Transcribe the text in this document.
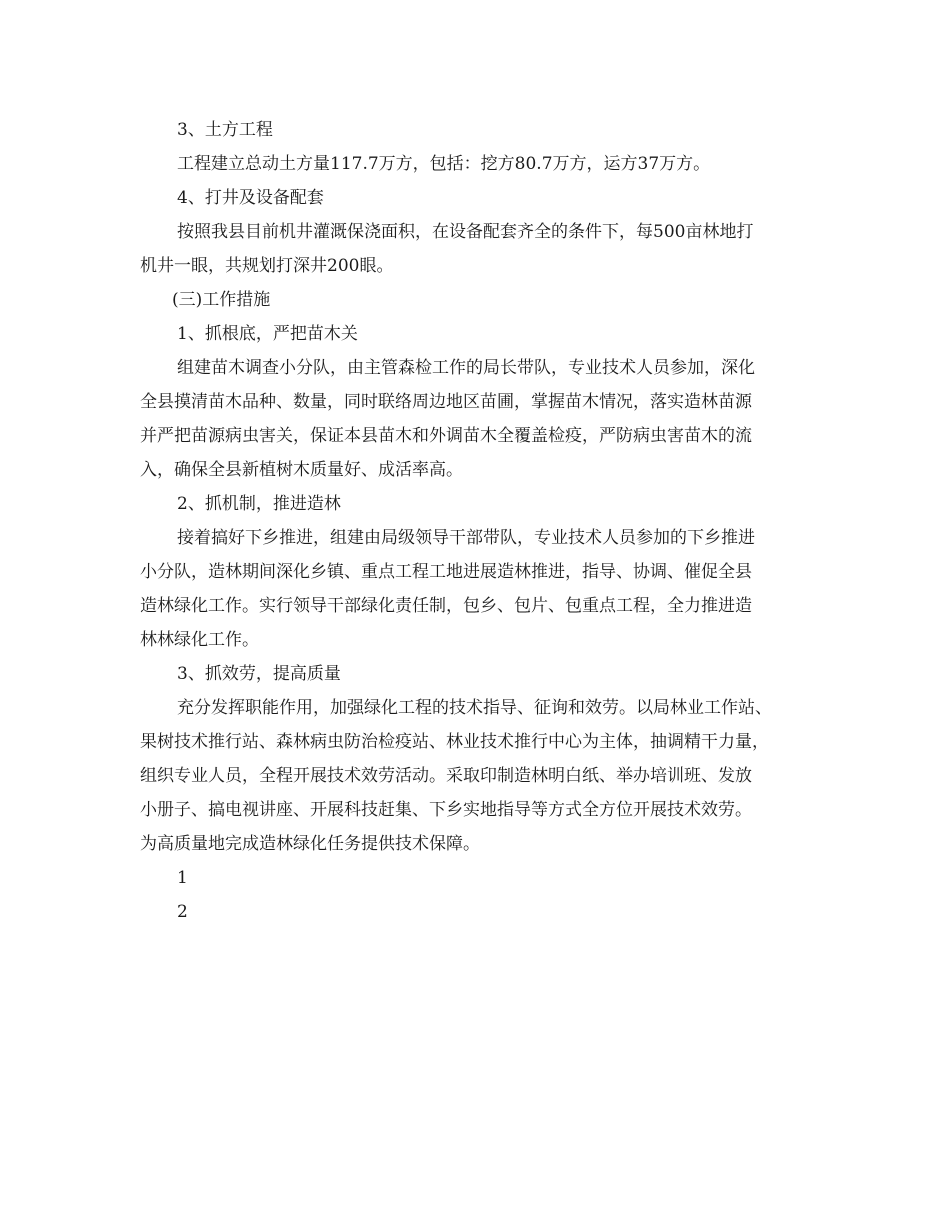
3、土方工程
工程建立总动土方量117.7万方，包括：挖方80.7万方，运方37万方。
4、打井及设备配套
按照我县目前机井灌溉保浇面积，在设备配套齐全的条件下，每500亩林地打
机井一眼，共规划打深井200眼。
(三)工作措施
1、抓根底，严把苗木关
组建苗木调查小分队，由主管森检工作的局长带队，专业技术人员参加，深化
全县摸清苗木品种、数量，同时联络周边地区苗圃，掌握苗木情况，落实造林苗源
并严把苗源病虫害关，保证本县苗木和外调苗木全覆盖检疫，严防病虫害苗木的流
入，确保全县新植树木质量好、成活率高。
2、抓机制，推进造林
接着搞好下乡推进，组建由局级领导干部带队，专业技术人员参加的下乡推进
小分队，造林期间深化乡镇、重点工程工地进展造林推进，指导、协调、催促全县
造林绿化工作。实行领导干部绿化责任制，包乡、包片、包重点工程，全力推进造
林林绿化工作。
3、抓效劳，提高质量
充分发挥职能作用，加强绿化工程的技术指导、征询和效劳。以局林业工作站、
果树技术推行站、森林病虫防治检疫站、林业技术推行中心为主体，抽调精干力量，
组织专业人员，全程开展技术效劳活动。采取印制造林明白纸、举办培训班、发放
小册子、搞电视讲座、开展科技赶集、下乡实地指导等方式全方位开展技术效劳。
为高质量地完成造林绿化任务提供技术保障。
1
2
